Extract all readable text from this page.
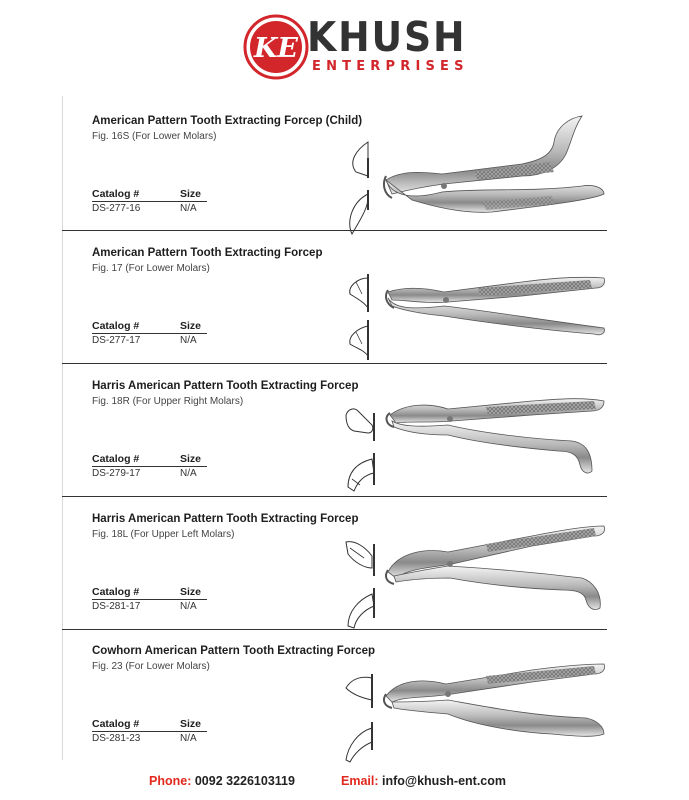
KE KHUSH
ENTERPRISES
American Pattern Tooth Extracting Forcep (Child)
Fig. 16S (For Lower Molars)
Catalog #	Size
DS-277-16	N/A
American Pattern Tooth Extracting Forcep
Fig. 17 (For Lower Molars)
Catalog #	Size
DS-277-17	N/A
Harris American Pattern Tooth Extracting Forcep
Fig. 18R (For Upper Right Molars)
Catalog #	Size
DS-279-17	N/A
Harris American Pattern Tooth Extracting Forcep
Fig. 18L (For Upper Left Molars)
Catalog #	Size
DS-281-17	N/A
Cowhorn American Pattern Tooth Extracting Forcep
Fig. 23 (For Lower Molars)
Catalog #	Size
DS-281-23	N/A
Phone: 0092 3226103119	Email: info@khush-ent.com
